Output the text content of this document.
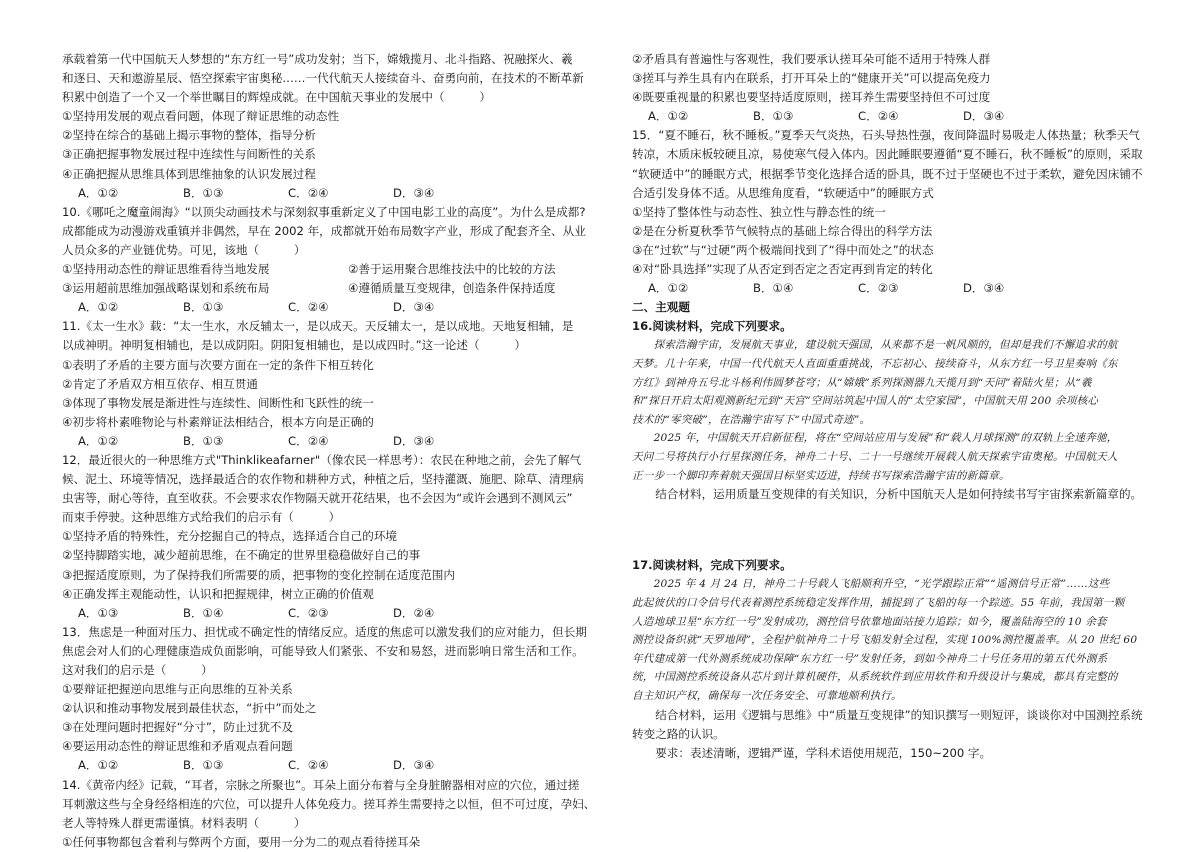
承载着第一代中国航天人梦想的“东方红一号”成功发射；当下，嫦娥揽月、北斗指路、祝融探火、羲
和逐日、天和遨游星辰、悟空探索宇宙奥秘……一代代航天人接续奋斗、奋勇向前，在技术的不断革新
积累中创造了一个又一个举世瞩目的辉煌成就。在中国航天事业的发展中（　　　）
①坚持用发展的观点看问题，体现了辩证思维的动态性
②坚持在综合的基础上揭示事物的整体，指导分析
③正确把握事物发展过程中连续性与间断性的关系
④正确把握从思维具体到思维抽象的认识发展过程
A．①②	B．①③	C．②④	D．③④
10.《哪吒之魔童闹海》“以顶尖动画技术与深刻叙事重新定义了中国电影工业的高度”。为什么是成都?
成都能成为动漫游戏重镇并非偶然，早在 2002 年，成都就开始布局数字产业，形成了配套齐全、从业
人员众多的产业链优势。可见，该地（　　　）
①坚持用动态性的辩证思维看待当地发展	②善于运用聚合思维技法中的比较的方法
③运用超前思维加强战略谋划和系统布局	④遵循质量互变规律，创造条件保持适度
A．①②	B．①③	C．②④	D．③④
11.《太一生水》载：“太一生水，水反辅太一，是以成天。天反辅太一，是以成地。天地复相辅，是
以成神明。神明复相辅也，是以成阴阳。阴阳复相辅也，是以成四时。”这一论述（　　　）
①表明了矛盾的主要方面与次要方面在一定的条件下相互转化
②肯定了矛盾双方相互依存、相互贯通
③体现了事物发展是渐进性与连续性、间断性和飞跃性的统一
④初步将朴素唯物论与朴素辩证法相结合，根本方向是正确的
A．①②	B．①③	C．②④	D．③④
12．最近很火的一种思维方式"Thinklikeafarner"（像农民一样思考）：农民在种地之前，会先了解气
候、泥土、环境等情况，选择最适合的农作物和耕种方式，种植之后，坚持灌溉、施肥、除草、清理病
虫害等，耐心等待，直至收获。不会要求农作物隔天就开花结果，也不会因为“或许会遇到不测风云”
而束手停驶。这种思维方式给我们的启示有（　　　）
①坚持矛盾的特殊性，充分挖掘自己的特点，选择适合自己的环境
②坚持脚踏实地，减少超前思维，在不确定的世界里稳稳做好自己的事
③把握适度原则，为了保持我们所需要的质，把事物的变化控制在适度范围内
④正确发挥主观能动性，认识和把握规律，树立正确的价值观
A．①③	B．①④	C．②③	D．②④
13．焦虑是一种面对压力、担忧或不确定性的情绪反应。适度的焦虑可以激发我们的应对能力，但长期
焦虑会对人们的心理健康造成负面影响，可能导致人们紧张、不安和易怒，进而影响日常生活和工作。
这对我们的启示是（　　　）
①要辩证把握逆向思维与正向思维的互补关系
②认识和推动事物发展到最佳状态，“折中”而处之
③在处理问题时把握好“分寸”，防止过犹不及
④要运用动态性的辩证思维和矛盾观点看问题
A．①②	B．①③	C．②④	D．③④
14.《黄帝内经》记载，“耳者，宗脉之所聚也”。耳朵上面分布着与全身脏腑器相对应的穴位，通过搓
耳刺激这些与全身经络相连的穴位，可以提升人体免疫力。搓耳养生需要持之以恒，但不可过度，孕妇、
老人等特殊人群更需谨慎。材料表明（　　　）
①任何事物都包含着利与弊两个方面，要用一分为二的观点看待搓耳朵
②矛盾具有普遍性与客观性，我们要承认搓耳朵可能不适用于特殊人群
③搓耳与养生具有内在联系，打开耳朵上的“健康开关”可以提高免疫力
④既要重视量的积累也要坚持适度原则，搓耳养生需要坚持但不可过度
A．①②	B．①③	C．②④	D．③④
15．“夏不睡石，秋不睡板。”夏季天气炎热，石头导热性强，夜间降温时易吸走人体热量；秋季天气
转凉，木质床板较硬且凉，易使寒气侵入体内。因此睡眠要遵循“夏不睡石，秋不睡板”的原则，采取
“软硬适中”的睡眠方式，根据季节变化选择合适的卧具，既不过于坚硬也不过于柔软，避免因床铺不
合适引发身体不适。从思维角度看，“软硬适中”的睡眠方式
①坚持了整体性与动态性、独立性与静态性的统一
②是在分析夏秋季节气候特点的基础上综合得出的科学方法
③在“过软”与“过硬”两个极端间找到了“得中而处之”的状态
④对“卧具选择”实现了从否定到否定之否定再到肯定的转化
A．①②	B．①④	C．②③	D．③④
二、主观题
16.阅读材料，完成下列要求。
　　探索浩瀚宇宙，发展航天事业，建设航天强国，从来都不是一帆风顺的，但却是我们不懈追求的航
天梦。几十年来，中国一代代航天人直面重重挑战，不忘初心、接续奋斗，从东方红一号卫星奏响《东
方红》到神舟五号北斗杨利伟圆梦苍穹；从“嫦娥”系列探测器九天揽月到“天问”着陆火星；从“羲
和”探日开启太阳观测新纪元到“天宫”空间站筑起中国人的“太空家园”，中国航天用 200 余项核心
技术的“零突破”，在浩瀚宇宙写下“中国式奇迹”。
　　2025 年，中国航天开启新征程，将在“空间站应用与发展”和“载人月球探测”的双轨上全速奔驰，
天问二号将执行小行星探测任务，神舟二十号、二十一号继续开展载人航天探索宇宙奥秘。中国航天人
正一步一个脚印奔着航天强国目标坚实迈进，持续书写探索浩瀚宇宙的新篇章。
　　结合材料，运用质量互变规律的有关知识，分析中国航天人是如何持续书写宇宙探索新篇章的。
17.阅读材料，完成下列要求。
　　2025 年 4 月 24 日，神舟二十号载人飞船顺利升空，“光学跟踪正常”“遥测信号正常”……这些
此起彼伏的口令信号代表着测控系统稳定发挥作用，捕捉到了飞船的每一个踪迹。55 年前，我国第一颗
人造地球卫星“东方红一号”发射成功，测控信号依靠地面站接力追踪；如今，覆盖陆海空的 10 余套
测控设备织就“天罗地网”，全程护航神舟二十号飞船发射全过程，实现 100%测控覆盖率。从 20 世纪 60
年代建成第一代外测系统成功保障“东方红一号”发射任务，到如今神舟二十号任务用的第五代外测系
统，中国测控系统设备从芯片到计算机硬件，从系统软件到应用软件和升级设计与集成，都具有完整的
自主知识产权，确保每一次任务安全、可靠地顺利执行。
　　结合材料，运用《逻辑与思维》中“质量互变规律”的知识撰写一则短评，谈谈你对中国测控系统
转变之路的认识。
　　要求：表述清晰，逻辑严谨，学科术语使用规范，150~200 字。
